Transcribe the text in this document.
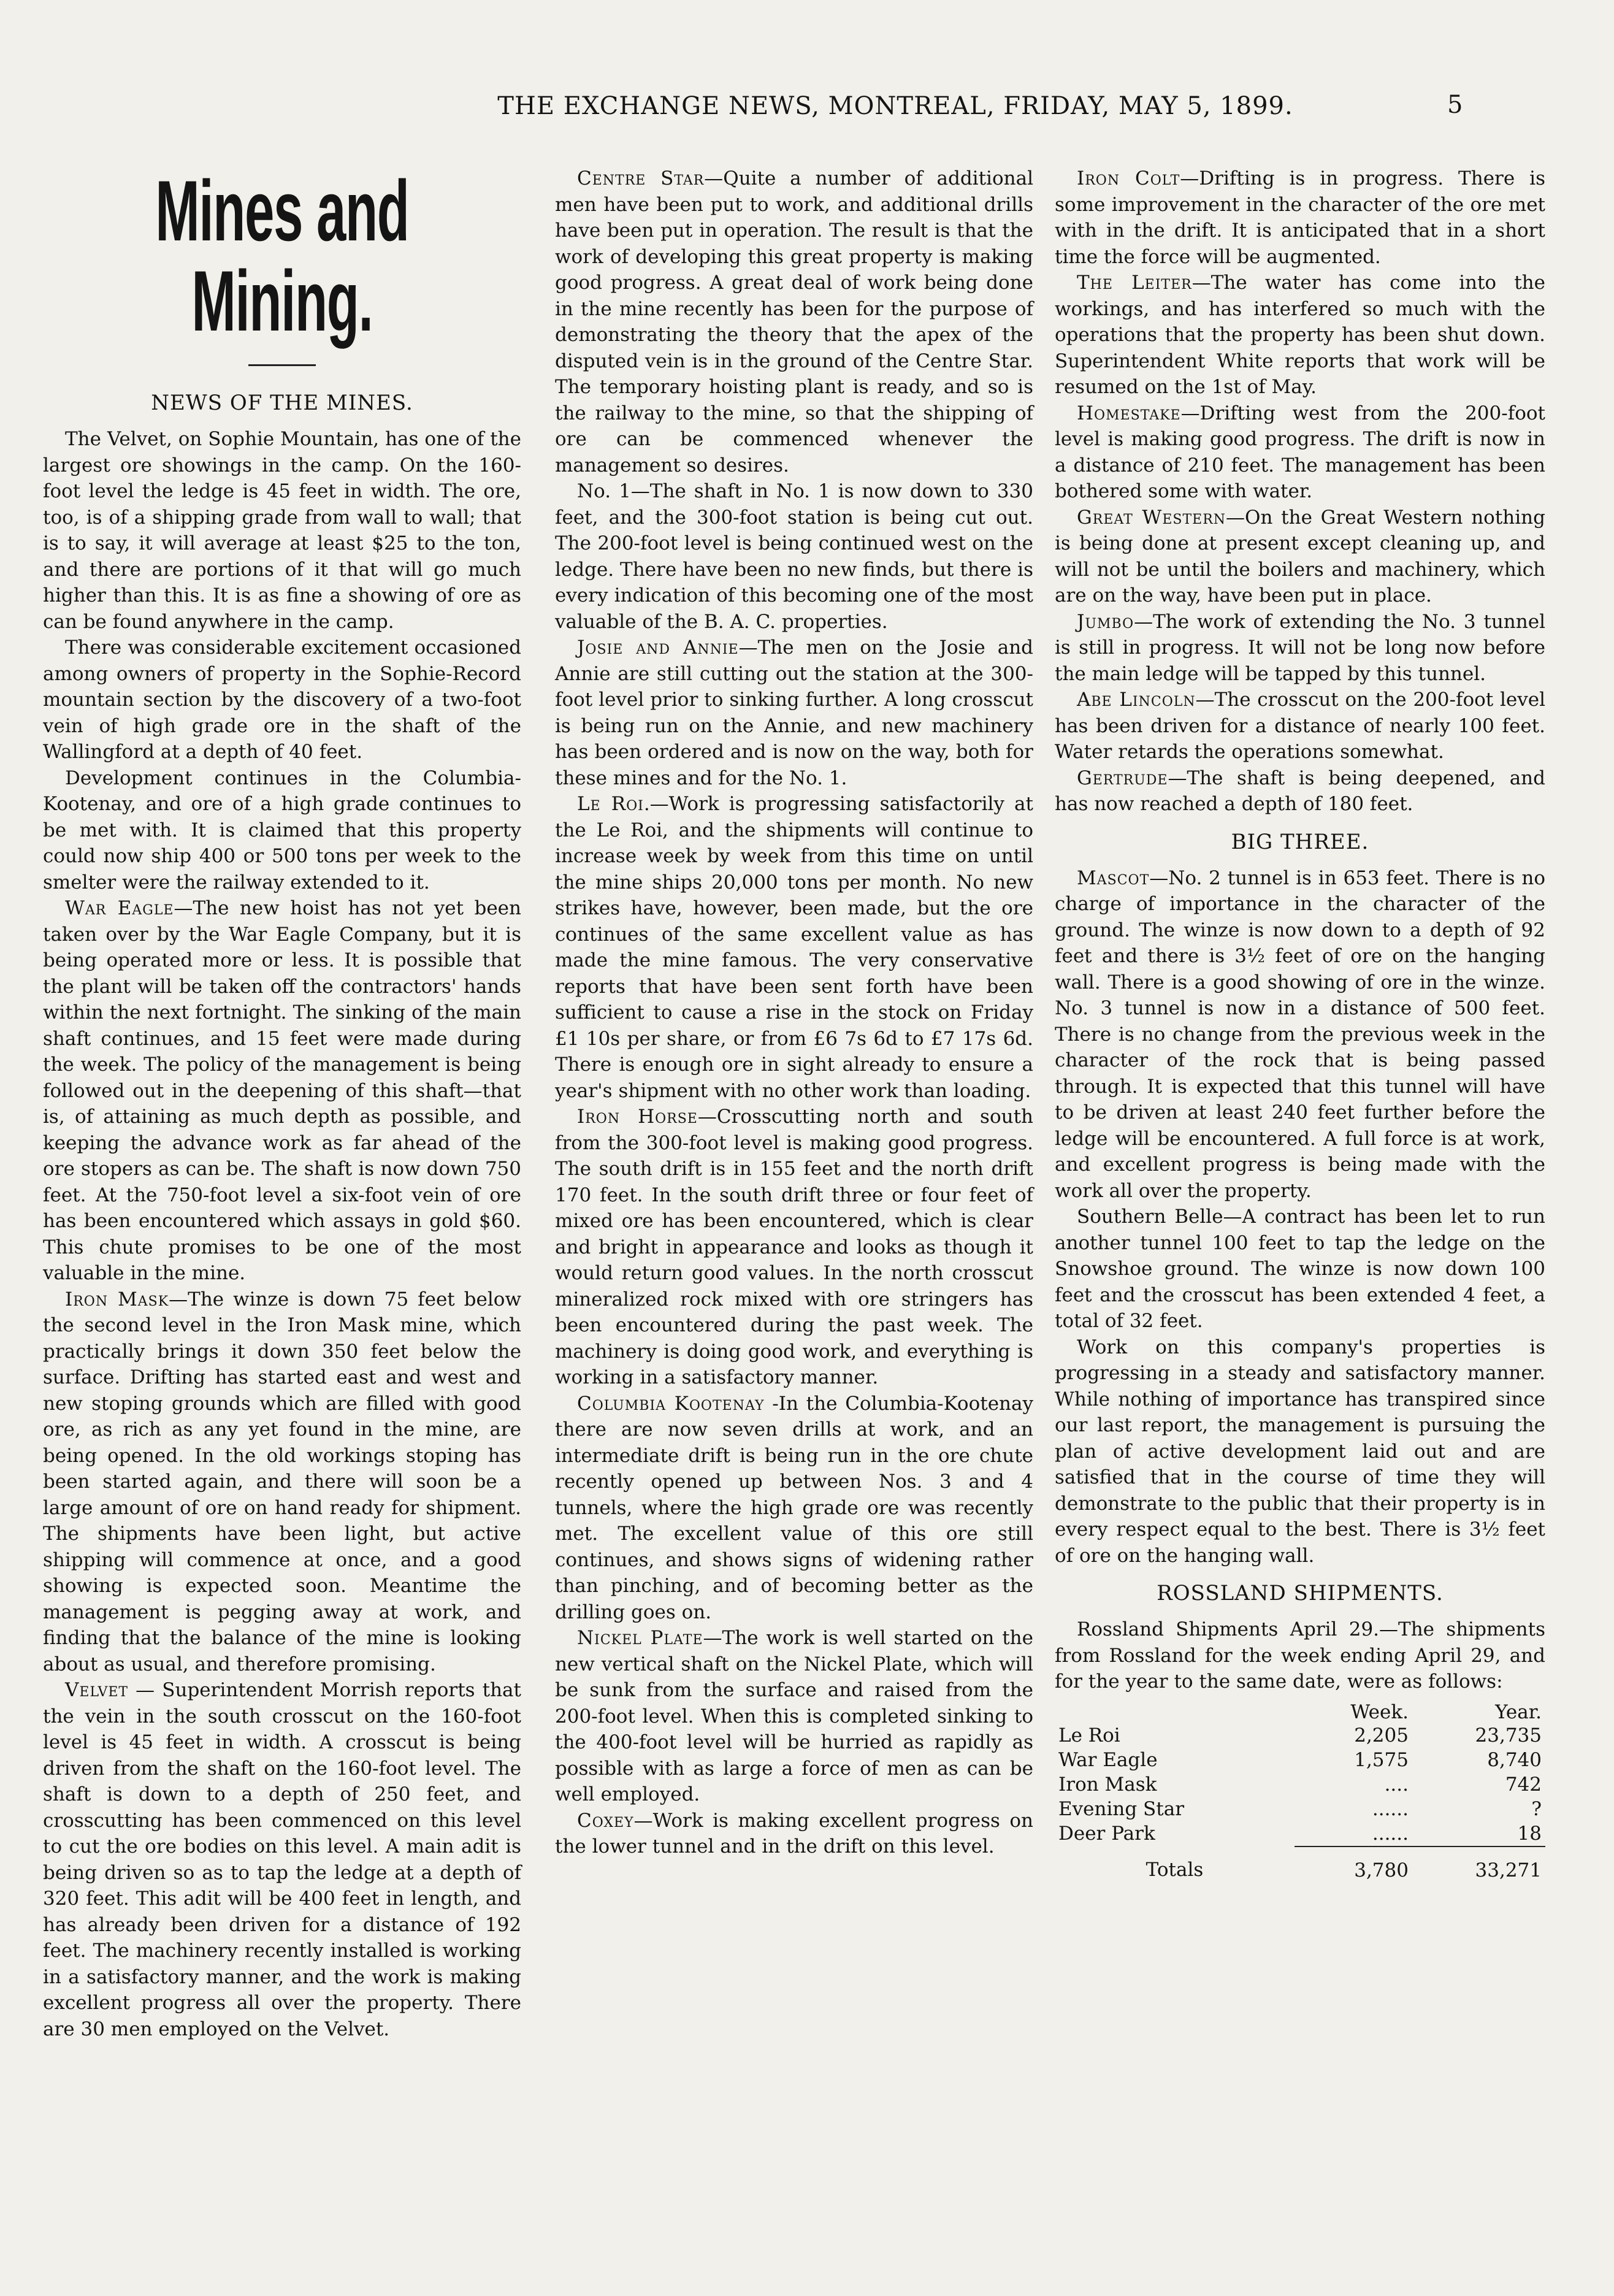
THE EXCHANGE NEWS, MONTREAL, FRIDAY, MAY 5, 1899.	5
Mines and Mining.
NEWS OF THE MINES.

The Velvet, on Sophie Mountain, has one of the largest ore showings in the camp. On the 160-foot level the ledge is 45 feet in width. The ore, too, is of a shipping grade from wall to wall; that is to say, it will average at least $25 to the ton, and there are portions of it that will go much higher than this. It is as fine a showing of ore as can be found anywhere in the camp.

There was considerable excitement occasioned among owners of property in the Sophie-Record mountain section by the discovery of a two-foot vein of high grade ore in the shaft of the Wallingford at a depth of 40 feet.

Development continues in the Columbia-Kootenay, and ore of a high grade continues to be met with. It is claimed that this property could now ship 400 or 500 tons per week to the smelter were the railway extended to it.

War Eagle—The new hoist has not yet been taken over by the War Eagle Company, but it is being operated more or less. It is possible that the plant will be taken off the contractors' hands within the next fortnight. The sinking of the main shaft continues, and 15 feet were made during the week. The policy of the management is being followed out in the deepening of this shaft—that is, of attaining as much depth as possible, and keeping the advance work as far ahead of the ore stopers as can be. The shaft is now down 750 feet. At the 750-foot level a six-foot vein of ore has been encountered which assays in gold $60. This chute promises to be one of the most valuable in the mine.

Iron Mask—The winze is down 75 feet below the second level in the Iron Mask mine, which practically brings it down 350 feet below the surface. Drifting has started east and west and new stoping grounds which are filled with good ore, as rich as any yet found in the mine, are being opened. In the old workings stoping has been started again, and there will soon be a large amount of ore on hand ready for shipment. The shipments have been light, but active shipping will commence at once, and a good showing is expected soon. Meantime the management is pegging away at work, and finding that the balance of the mine is looking about as usual, and therefore promising.

Velvet — Superintendent Morrish reports that the vein in the south crosscut on the 160-foot level is 45 feet in width. A crosscut is being driven from the shaft on the 160-foot level. The shaft is down to a depth of 250 feet, and crosscutting has been commenced on this level to cut the ore bodies on this level. A main adit is being driven so as to tap the ledge at a depth of 320 feet. This adit will be 400 feet in length, and has already been driven for a distance of 192 feet. The machinery recently installed is working in a satisfactory manner, and the work is making excellent progress all over the property. There are 30 men employed on the Velvet.

Centre Star—Quite a number of additional men have been put to work, and additional drills have been put in operation. The result is that the work of developing this great property is making good progress. A great deal of work being done in the mine recently has been for the purpose of demonstrating the theory that the apex of the disputed vein is in the ground of the Centre Star. The temporary hoisting plant is ready, and so is the railway to the mine, so that the shipping of ore can be commenced whenever the management so desires.

No. 1—The shaft in No. 1 is now down to 330 feet, and the 300-foot station is being cut out. The 200-foot level is being continued west on the ledge. There have been no new finds, but there is every indication of this becoming one of the most valuable of the B. A. C. properties.

Josie and Annie—The men on the Josie and Annie are still cutting out the station at the 300-foot level prior to sinking further. A long crosscut is being run on the Annie, and new machinery has been ordered and is now on the way, both for these mines and for the No. 1.

Le Roi.—Work is progressing satisfactorily at the Le Roi, and the shipments will continue to increase week by week from this time on until the mine ships 20,000 tons per month. No new strikes have, however, been made, but the ore continues of the same excellent value as has made the mine famous. The very conservative reports that have been sent forth have been sufficient to cause a rise in the stock on Friday £1 10s per share, or from £6 7s 6d to £7 17s 6d. There is enough ore in sight already to ensure a year's shipment with no other work than loading.

Iron Horse—Crosscutting north and south from the 300-foot level is making good progress. The south drift is in 155 feet and the north drift 170 feet. In the south drift three or four feet of mixed ore has been encountered, which is clear and bright in appearance and looks as though it would return good values. In the north crosscut mineralized rock mixed with ore stringers has been encountered during the past week. The machinery is doing good work, and everything is working in a satisfactory manner.

Columbia Kootenay -In the Columbia-Kootenay there are now seven drills at work, and an intermediate drift is being run in the ore chute recently opened up between Nos. 3 and 4 tunnels, where the high grade ore was recently met. The excellent value of this ore still continues, and shows signs of widening rather than pinching, and of becoming better as the drilling goes on.

Nickel Plate—The work is well started on the new vertical shaft on the Nickel Plate, which will be sunk from the surface and raised from the 200-foot level. When this is completed sinking to the 400-foot level will be hurried as rapidly as possible with as large a force of men as can be well employed.

Coxey—Work is making excellent progress on the lower tunnel and in the drift on this level.

Iron Colt—Drifting is in progress. There is some improvement in the character of the ore met with in the drift. It is anticipated that in a short time the force will be augmented.

The Leiter—The water has come into the workings, and has interfered so much with the operations that the property has been shut down. Superintendent White reports that work will be resumed on the 1st of May.

Homestake—Drifting west from the 200-foot level is making good progress. The drift is now in a distance of 210 feet. The management has been bothered some with water.

Great Western—On the Great Western nothing is being done at present except cleaning up, and will not be until the boilers and machinery, which are on the way, have been put in place.

Jumbo—The work of extending the No. 3 tunnel is still in progress. It will not be long now before the main ledge will be tapped by this tunnel.

Abe Lincoln—The crosscut on the 200-foot level has been driven for a distance of nearly 100 feet. Water retards the operations somewhat.

Gertrude—The shaft is being deepened, and has now reached a depth of 180 feet.

BIG THREE.

Mascot—No. 2 tunnel is in 653 feet. There is no charge of importance in the character of the ground. The winze is now down to a depth of 92 feet and there is 3½ feet of ore on the hanging wall. There is a good showing of ore in the winze. No. 3 tunnel is now in a distance of 500 feet. There is no change from the previous week in the character of the rock that is being passed through. It is expected that this tunnel will have to be driven at least 240 feet further before the ledge will be encountered. A full force is at work, and excellent progress is being made with the work all over the property.

Southern Belle—A contract has been let to run another tunnel 100 feet to tap the ledge on the Snowshoe ground. The winze is now down 100 feet and the crosscut has been extended 4 feet, a total of 32 feet.

Work on this company's properties is progressing in a steady and satisfactory manner. While nothing of importance has transpired since our last report, the management is pursuing the plan of active development laid out and are satisfied that in the course of time they will demonstrate to the public that their property is in every respect equal to the best. There is 3½ feet of ore on the hanging wall.

ROSSLAND SHIPMENTS.

Rossland Shipments April 29.—The shipments from Rossland for the week ending April 29, and for the year to the same date, were as follows:

	Week.	Year.
Le Roi	2,205	23,735
War Eagle	1,575	8,740
Iron Mask	....	742
Evening Star	......	?
Deer Park	......	18
Totals	3,780	33,271
